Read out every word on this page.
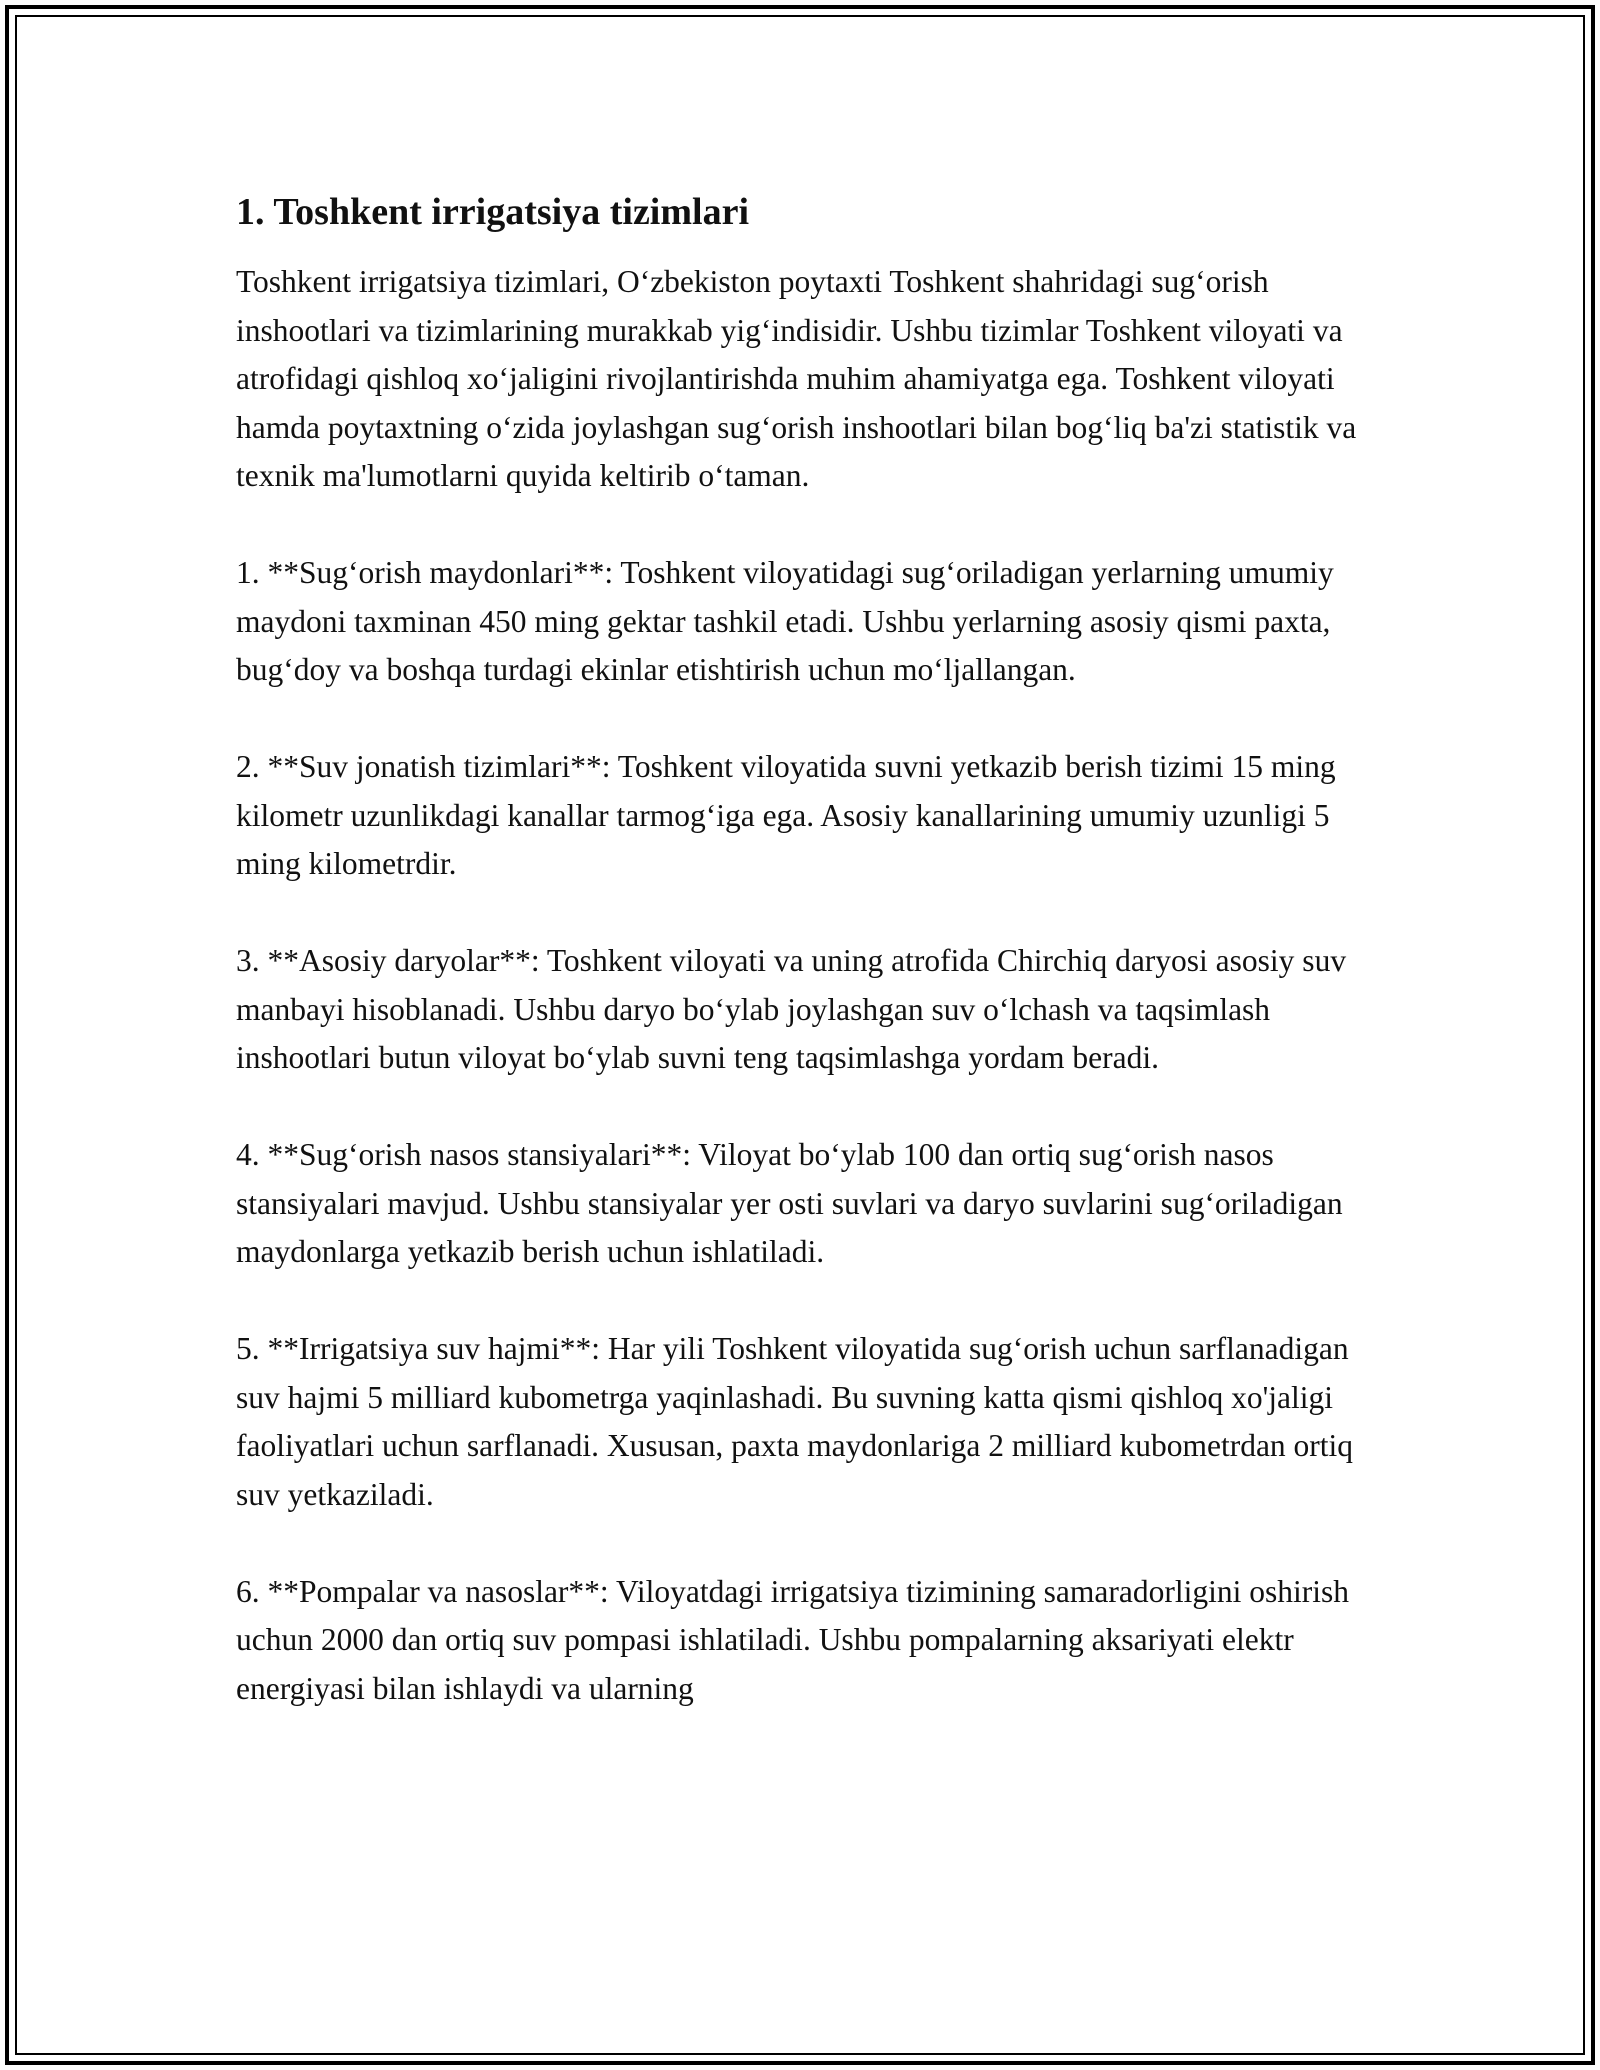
1. Toshkent irrigatsiya tizimlari

Toshkent irrigatsiya tizimlari, O‘zbekiston poytaxti Toshkent shahridagi sug‘orish inshootlari va tizimlarining murakkab yig‘indisidir. Ushbu tizimlar Toshkent viloyati va atrofidagi qishloq xo‘jaligini rivojlantirishda muhim ahamiyatga ega. Toshkent viloyati hamda poytaxtning o‘zida joylashgan sug‘orish inshootlari bilan bog‘liq ba'zi statistik va texnik ma'lumotlarni quyida keltirib o‘taman.

1. **Sug‘orish maydonlari**: Toshkent viloyatidagi sug‘oriladigan yerlarning umumiy maydoni taxminan 450 ming gektar tashkil etadi. Ushbu yerlarning asosiy qismi paxta, bug‘doy va boshqa turdagi ekinlar etishtirish uchun mo‘ljallangan.

2. **Suv jonatish tizimlari**: Toshkent viloyatida suvni yetkazib berish tizimi 15 ming kilometr uzunlikdagi kanallar tarmog‘iga ega. Asosiy kanallarining umumiy uzunligi 5 ming kilometrdir.

3. **Asosiy daryolar**: Toshkent viloyati va uning atrofida Chirchiq daryosi asosiy suv manbayi hisoblanadi. Ushbu daryo bo‘ylab joylashgan suv o‘lchash va taqsimlash inshootlari butun viloyat bo‘ylab suvni teng taqsimlashga yordam beradi.

4. **Sug‘orish nasos stansiyalari**: Viloyat bo‘ylab 100 dan ortiq sug‘orish nasos stansiyalari mavjud. Ushbu stansiyalar yer osti suvlari va daryo suvlarini sug‘oriladigan maydonlarga yetkazib berish uchun ishlatiladi.

5. **Irrigatsiya suv hajmi**: Har yili Toshkent viloyatida sug‘orish uchun sarflanadigan suv hajmi 5 milliard kubometrga yaqinlashadi. Bu suvning katta qismi qishloq xo'jaligi faoliyatlari uchun sarflanadi. Xususan, paxta maydonlariga 2 milliard kubometrdan ortiq suv yetkaziladi.

6. **Pompalar va nasoslar**: Viloyatdagi irrigatsiya tizimining samaradorligini oshirish uchun 2000 dan ortiq suv pompasi ishlatiladi. Ushbu pompalarning aksariyati elektr energiyasi bilan ishlaydi va ularning
